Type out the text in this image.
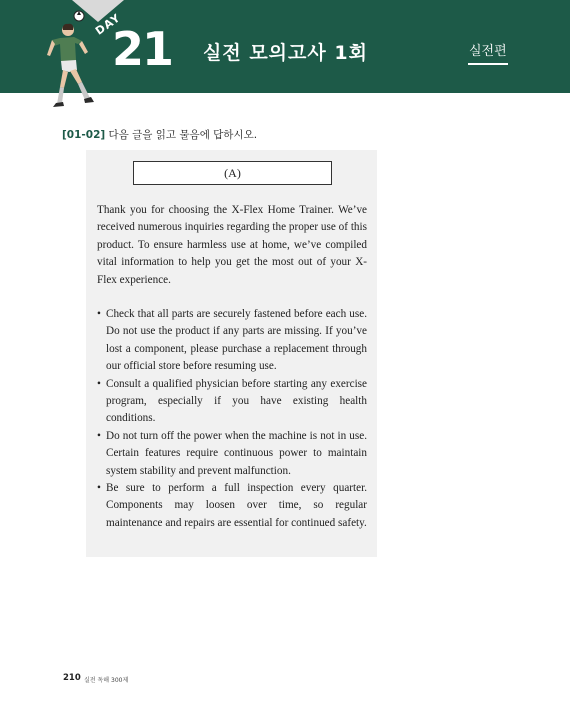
DAY
21 실전 모의고사 1회	실전편
[01-02] 다음 글을 읽고 물음에 답하시오.
(A)

Thank you for choosing the X-Flex Home Trainer. We’ve received numerous inquiries regarding the proper use of this product. To ensure harmless use at home, we’ve compiled vital information to help you get the most out of your X-Flex experience.

• Check that all parts are securely fastened before each use. Do not use the product if any parts are missing. If you’ve lost a component, please purchase a replacement through our official store before resuming use.
• Consult a qualified physician before starting any exercise program, especially if you have existing health conditions.
• Do not turn off the power when the machine is not in use. Certain features require continuous power to maintain system stability and prevent malfunction.
• Be sure to perform a full inspection every quarter. Components may loosen over time, so regular maintenance and repairs are essential for continued safety.
210 실전 독해 300제
